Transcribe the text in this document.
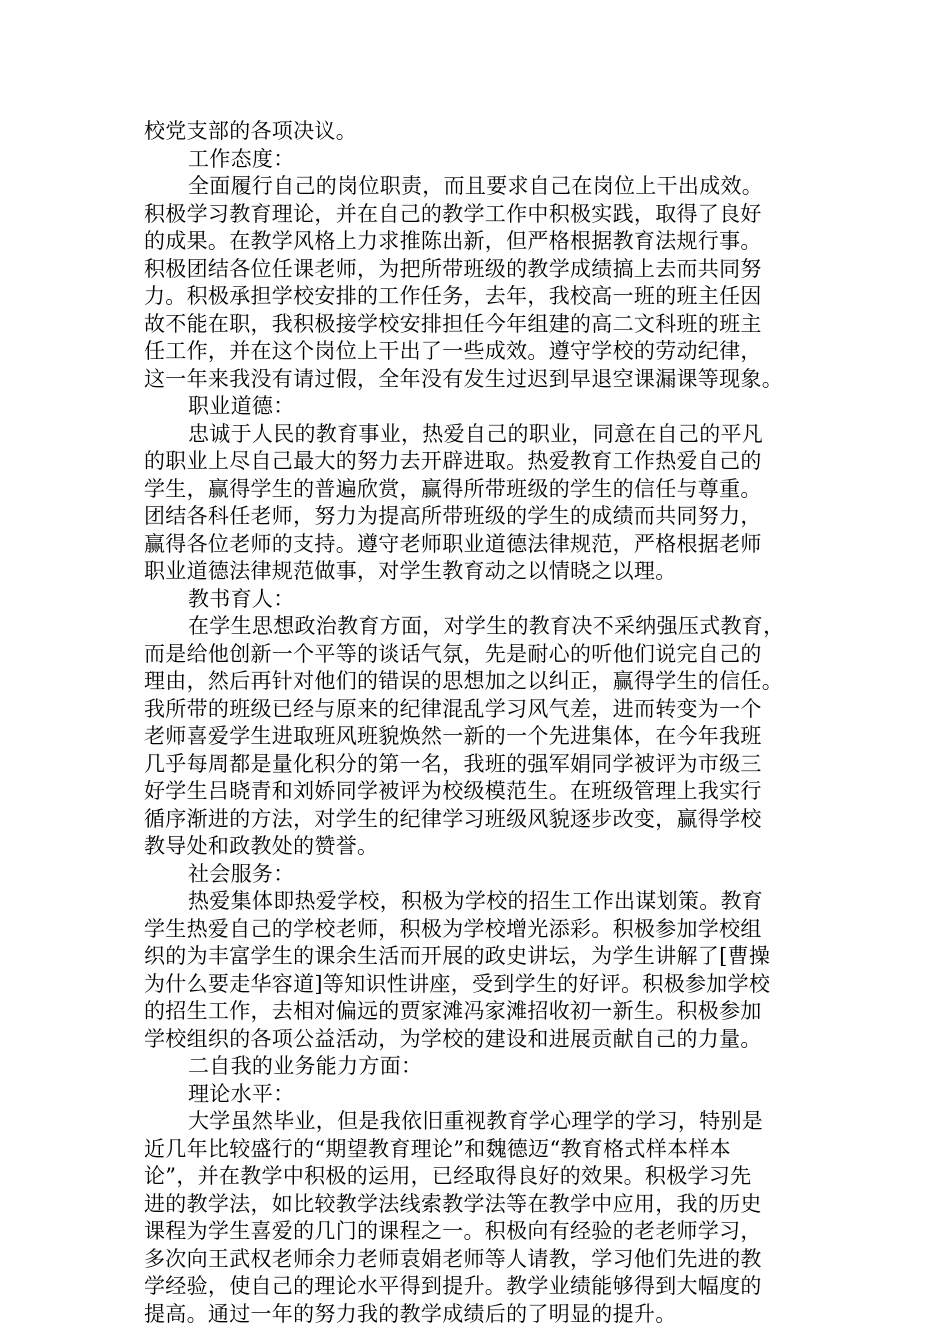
校党支部的各项决议。
工作态度：
全面履行自己的岗位职责，而且要求自己在岗位上干出成效。
积极学习教育理论，并在自己的教学工作中积极实践，取得了良好
的成果。在教学风格上力求推陈出新，但严格根据教育法规行事。
积极团结各位任课老师，为把所带班级的教学成绩搞上去而共同努
力。积极承担学校安排的工作任务，去年，我校高一班的班主任因
故不能在职，我积极接学校安排担任今年组建的高二文科班的班主
任工作，并在这个岗位上干出了一些成效。遵守学校的劳动纪律，
这一年来我没有请过假，全年没有发生过迟到早退空课漏课等现象。
职业道德：
忠诚于人民的教育事业，热爱自己的职业，同意在自己的平凡
的职业上尽自己最大的努力去开辟进取。热爱教育工作热爱自己的
学生，赢得学生的普遍欣赏，赢得所带班级的学生的信任与尊重。
团结各科任老师，努力为提高所带班级的学生的成绩而共同努力，
赢得各位老师的支持。遵守老师职业道德法律规范，严格根据老师
职业道德法律规范做事，对学生教育动之以情晓之以理。
教书育人：
在学生思想政治教育方面，对学生的教育决不采纳强压式教育，
而是给他创新一个平等的谈话气氛，先是耐心的听他们说完自己的
理由，然后再针对他们的错误的思想加之以纠正，赢得学生的信任。
我所带的班级已经与原来的纪律混乱学习风气差，进而转变为一个
老师喜爱学生进取班风班貌焕然一新的一个先进集体，在今年我班
几乎每周都是量化积分的第一名，我班的强军娟同学被评为市级三
好学生吕晓青和刘娇同学被评为校级模范生。在班级管理上我实行
循序渐进的方法，对学生的纪律学习班级风貌逐步改变，赢得学校
教导处和政教处的赞誉。
社会服务：
热爱集体即热爱学校，积极为学校的招生工作出谋划策。教育
学生热爱自己的学校老师，积极为学校增光添彩。积极参加学校组
织的为丰富学生的课余生活而开展的政史讲坛，为学生讲解了[曹操
为什么要走华容道]等知识性讲座，受到学生的好评。积极参加学校
的招生工作，去相对偏远的贾家滩冯家滩招收初一新生。积极参加
学校组织的各项公益活动，为学校的建设和进展贡献自己的力量。
二自我的业务能力方面：
理论水平：
大学虽然毕业，但是我依旧重视教育学心理学的学习，特别是
近几年比较盛行的“期望教育理论”和魏德迈“教育格式样本样本
论”，并在教学中积极的运用，已经取得良好的效果。积极学习先
进的教学法，如比较教学法线索教学法等在教学中应用，我的历史
课程为学生喜爱的几门的课程之一。积极向有经验的老老师学习，
多次向王武权老师余力老师袁娟老师等人请教，学习他们先进的教
学经验，使自己的理论水平得到提升。教学业绩能够得到大幅度的
提高。通过一年的努力我的教学成绩后的了明显的提升。
